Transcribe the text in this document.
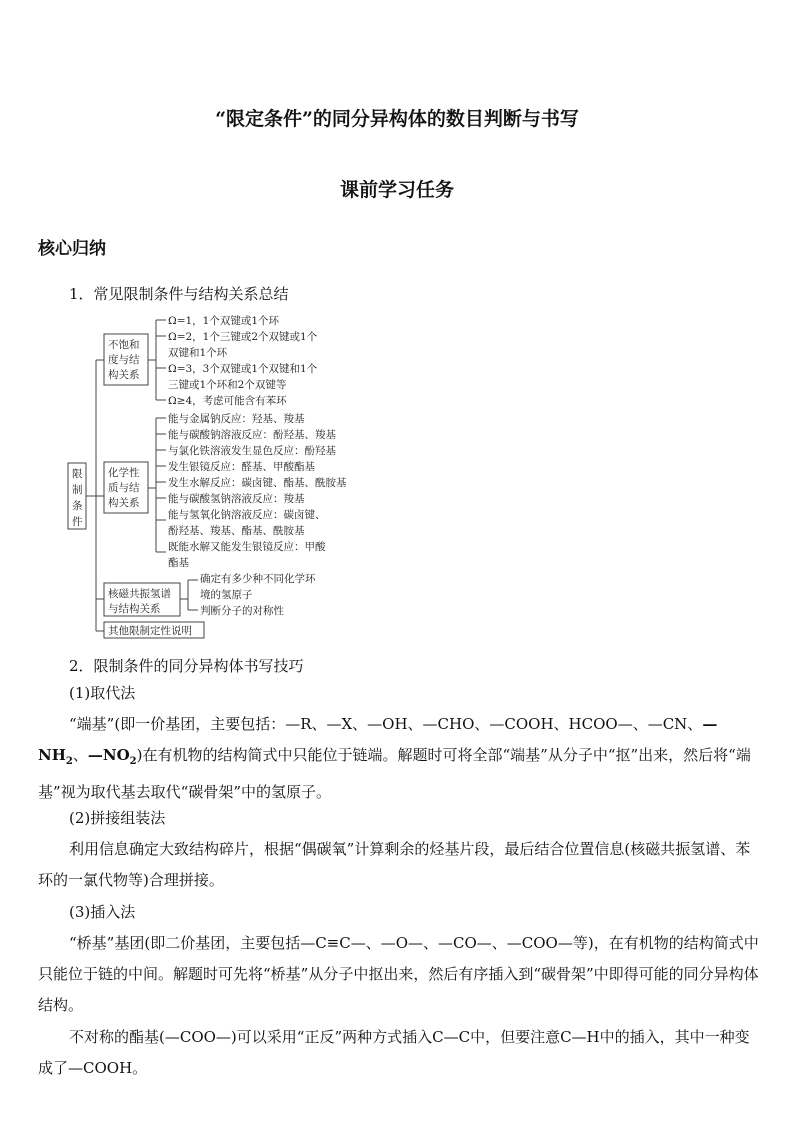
“限定条件”的同分异构体的数目判断与书写
课前学习任务
核心归纳
1．常见限制条件与结构关系总结
限
制
条
件
不饱和
度与结
构关系
Ω=1，1个双键或1个环
Ω=2，1个三键或2个双键或1个
双键和1个环
Ω=3，3个双键或1个双键和1个
三键或1个环和2个双键等
Ω≥4，考虑可能含有苯环
化学性
质与结
构关系
能与金属钠反应：羟基、羧基
能与碳酸钠溶液反应：酚羟基、羧基
与氯化铁溶液发生显色反应：酚羟基
发生银镜反应：醛基、甲酸酯基
发生水解反应：碳卤键、酯基、酰胺基
能与碳酸氢钠溶液反应：羧基
能与氢氧化钠溶液反应：碳卤键、
酚羟基、羧基、酯基、酰胺基
既能水解又能发生银镜反应：甲酸
酯基
核磁共振氢谱
与结构关系
确定有多少种不同化学环
境的氢原子
判断分子的对称性
其他限制定性说明
2．限制条件的同分异构体书写技巧
(1)取代法
“端基”(即一价基团，主要包括：—R、—X、—OH、—CHO、—COOH、HCOO—、—CN、$—NH_2$、$—NO_2$)在有机物的结构简式中只能位于链端。解题时可将全部“端基”从分子中“抠”出来，然后将“端基”视为取代基去取代“碳骨架”中的氢原子。
(2)拼接组装法
利用信息确定大致结构碎片，根据“偶碳氧”计算剩余的烃基片段，最后结合位置信息(核磁共振氢谱、苯环的一氯代物等)合理拼接。
(3)插入法
“桥基”基团(即二价基团，主要包括—C≡C—、—O—、—CO—、—COO—等)，在有机物的结构简式中只能位于链的中间。解题时可先将“桥基”从分子中抠出来，然后有序插入到“碳骨架”中即得可能的同分异构体结构。
不对称的酯基(—COO—)可以采用“正反”两种方式插入C—C中，但要注意C—H中的插入，其中一种变成了—COOH。
